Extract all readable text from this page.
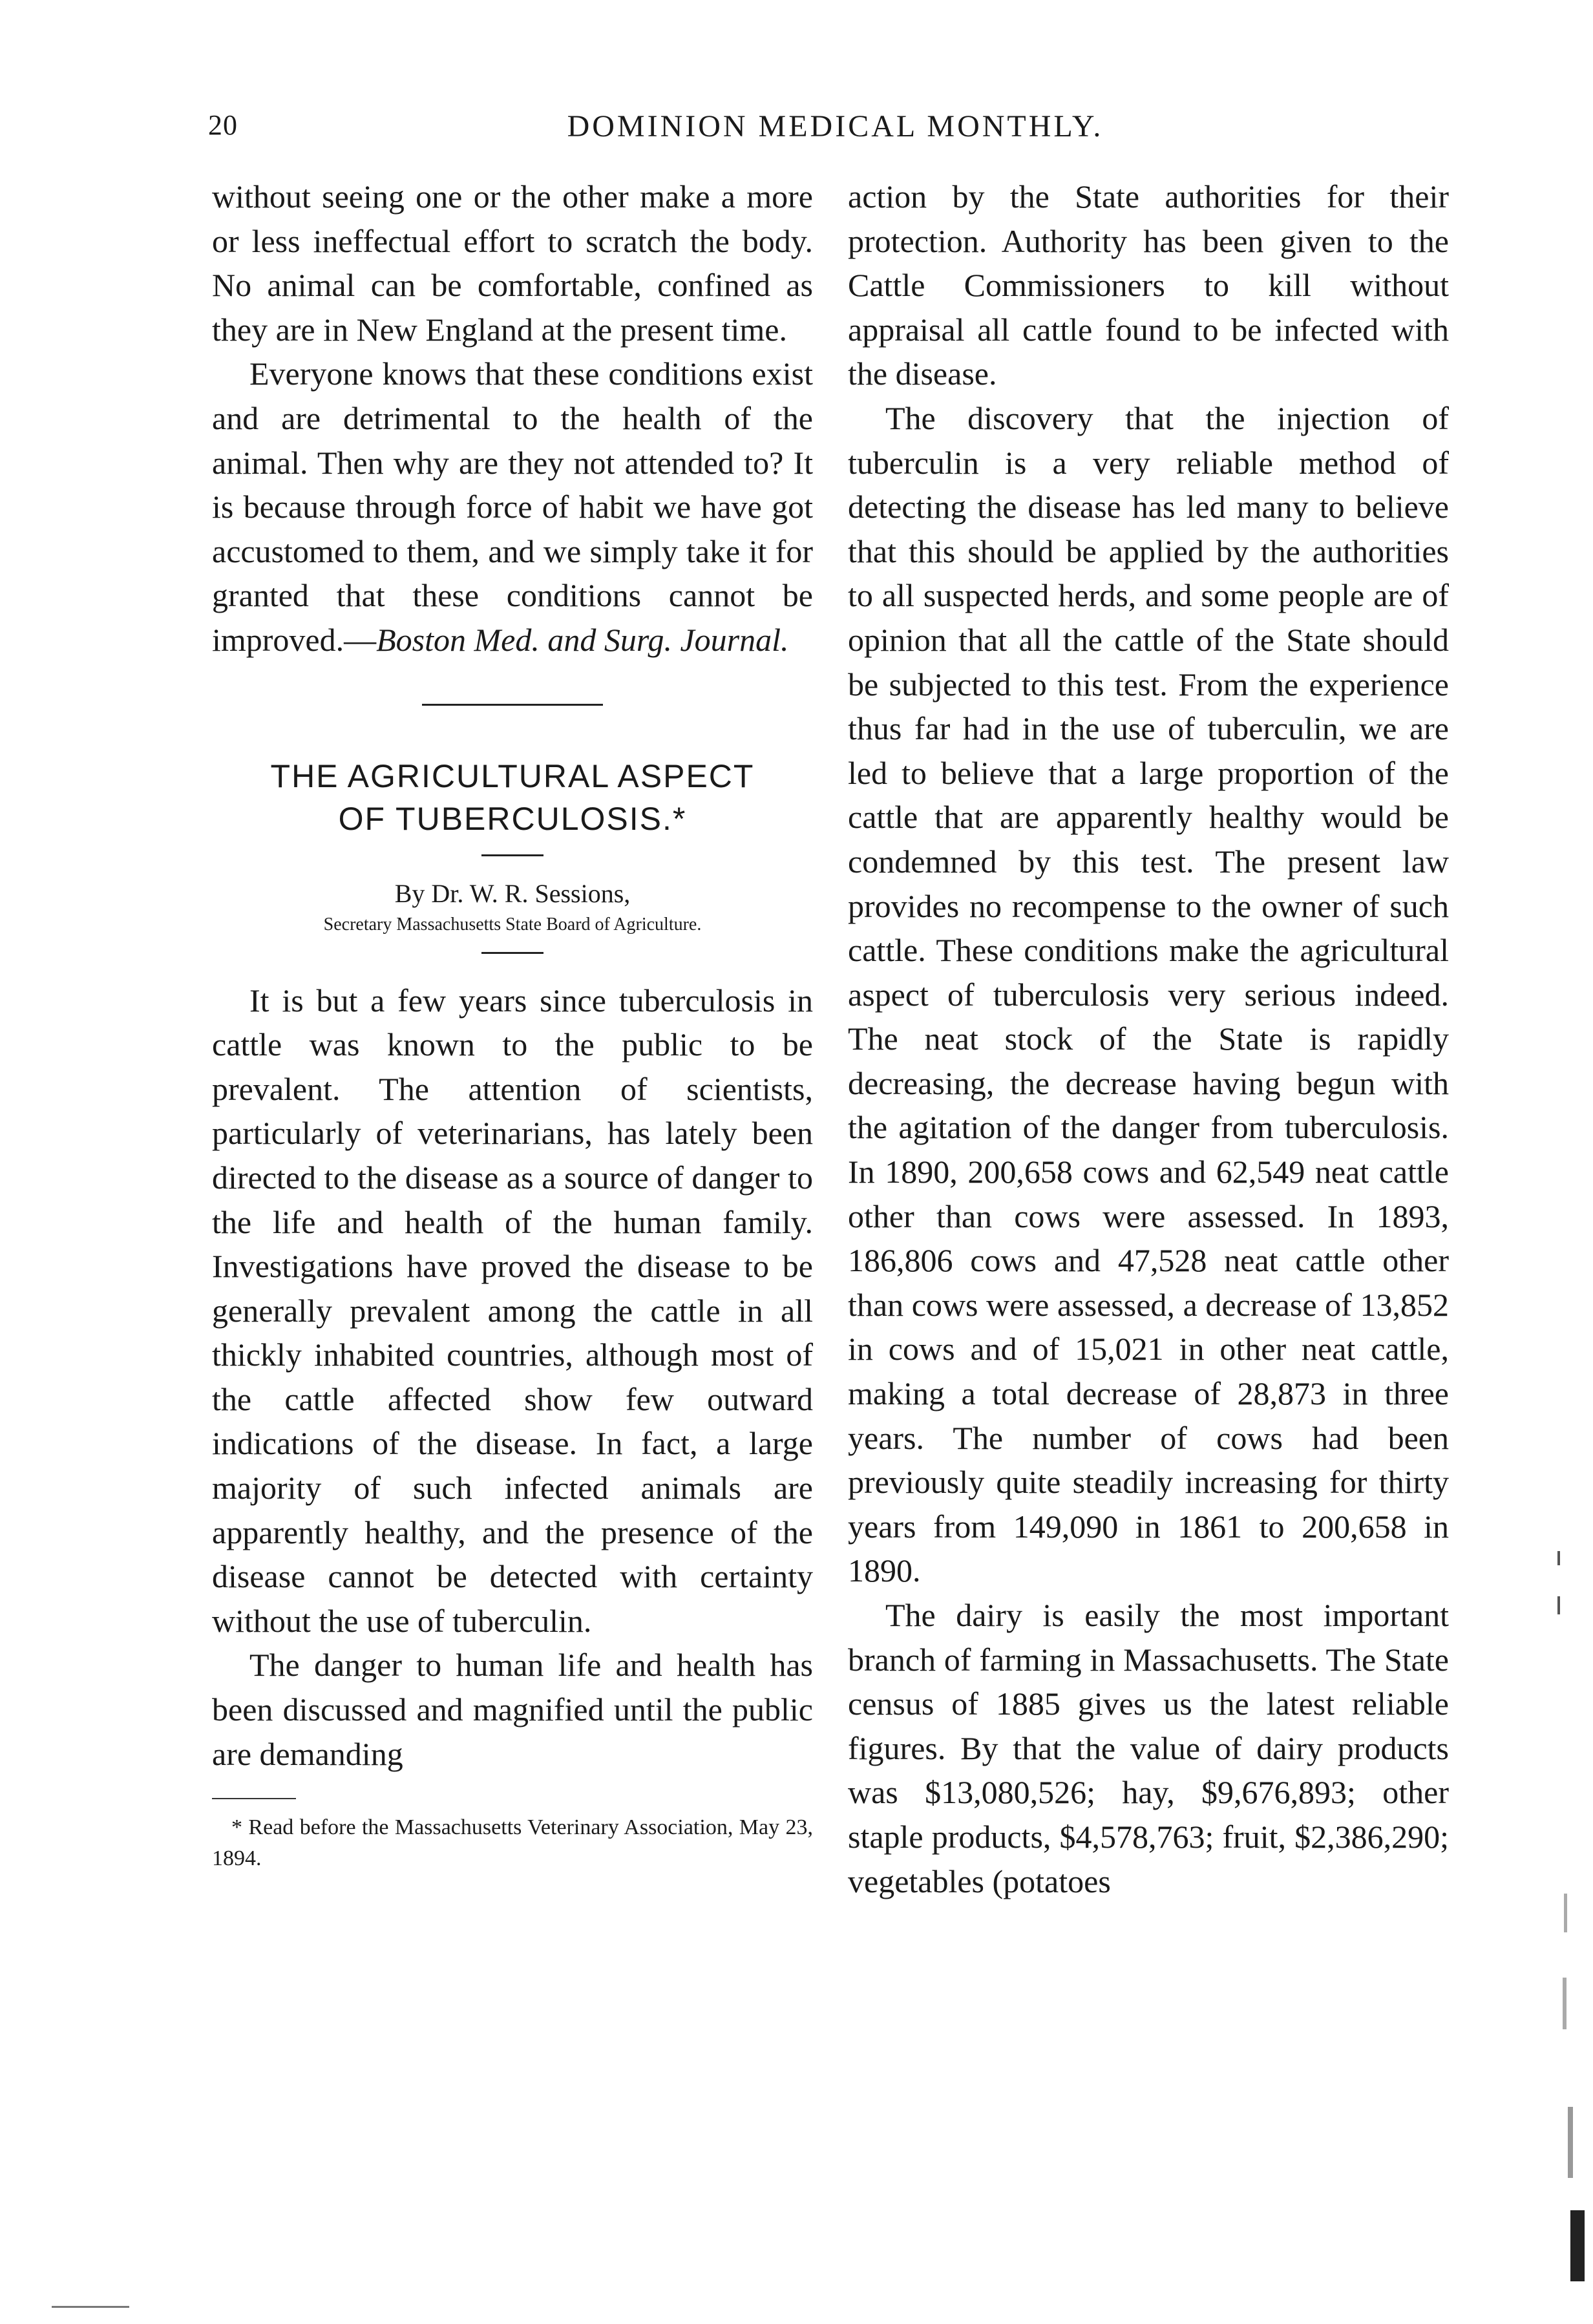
20	DOMINION MEDICAL MONTHLY.

without seeing one or the other make a more or less ineffectual effort to scratch the body. No animal can be comfortable, confined as they are in New England at the present time.

Everyone knows that these conditions exist and are detrimental to the health of the animal. Then why are they not attended to? It is because through force of habit we have got accustomed to them, and we simply take it for granted that these conditions cannot be improved.—Boston Med. and Surg. Journal.

THE AGRICULTURAL ASPECT

OF TUBERCULOSIS.*

By Dr. W. R. Sessions,

Secretary Massachusetts State Board of Agriculture.

It is but a few years since tuberculosis in cattle was known to the public to be prevalent. The attention of scientists, particularly of veterinarians, has lately been directed to the disease as a source of danger to the life and health of the human family. Investigations have proved the disease to be generally prevalent among the cattle in all thickly inhabited countries, although most of the cattle affected show few outward indications of the disease. In fact, a large majority of such infected animals are apparently healthy, and the presence of the disease cannot be detected with certainty without the use of tuberculin.

The danger to human life and health has been discussed and magnified until the public are demanding

* Read before the Massachusetts Veterinary Association, May 23, 1894.

action by the State authorities for their protection. Authority has been given to the Cattle Commissioners to kill without appraisal all cattle found to be infected with the disease.

The discovery that the injection of tuberculin is a very reliable method of detecting the disease has led many to believe that this should be applied by the authorities to all suspected herds, and some people are of opinion that all the cattle of the State should be subjected to this test. From the experience thus far had in the use of tuberculin, we are led to believe that a large proportion of the cattle that are apparently healthy would be condemned by this test. The present law provides no recompense to the owner of such cattle. These conditions make the agricultural aspect of tuberculosis very serious indeed. The neat stock of the State is rapidly decreasing, the decrease having begun with the agitation of the danger from tuberculosis. In 1890, 200,658 cows and 62,549 neat cattle other than cows were assessed. In 1893, 186,806 cows and 47,528 neat cattle other than cows were assessed, a decrease of 13,852 in cows and of 15,021 in other neat cattle, making a total decrease of 28,873 in three years. The number of cows had been previously quite steadily increasing for thirty years from 149,090 in 1861 to 200,658 in 1890.

The dairy is easily the most important branch of farming in Massachusetts. The State census of 1885 gives us the latest reliable figures. By that the value of dairy products was $13,080,526; hay, $9,676,893; other staple products, $4,578,763; fruit, $2,386,290; vegetables (potatoes
